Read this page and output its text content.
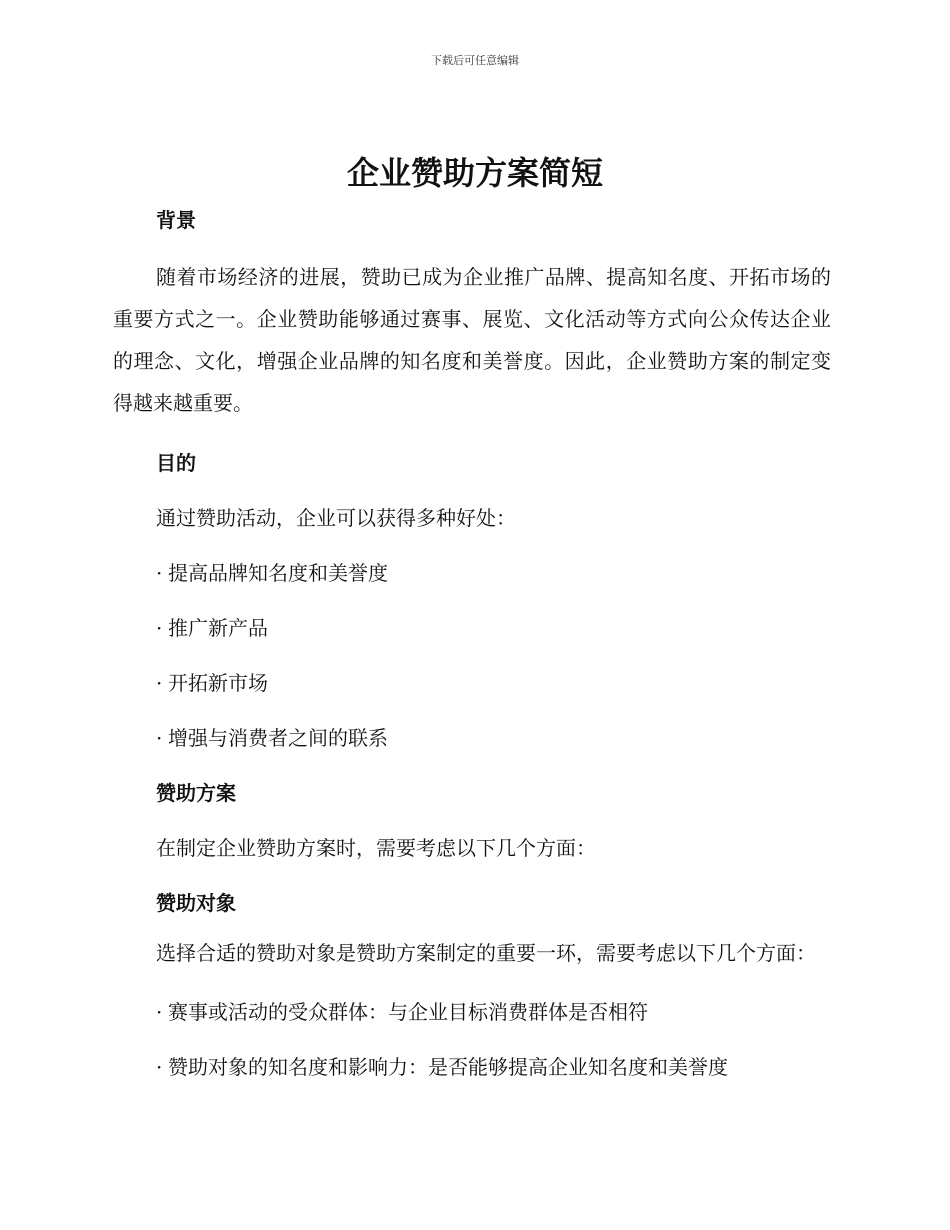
下载后可任意编辑
企业赞助方案简短
背景

随着市场经济的进展，赞助已成为企业推广品牌、提高知名度、开拓市场的重要方式之一。企业赞助能够通过赛事、展览、文化活动等方式向公众传达企业的理念、文化，增强企业品牌的知名度和美誉度。因此，企业赞助方案的制定变得越来越重要。

目的

通过赞助活动，企业可以获得多种好处：

· 提高品牌知名度和美誉度

· 推广新产品

· 开拓新市场

· 增强与消费者之间的联系

赞助方案

在制定企业赞助方案时，需要考虑以下几个方面：

赞助对象

选择合适的赞助对象是赞助方案制定的重要一环，需要考虑以下几个方面：

· 赛事或活动的受众群体：与企业目标消费群体是否相符

· 赞助对象的知名度和影响力：是否能够提高企业知名度和美誉度
